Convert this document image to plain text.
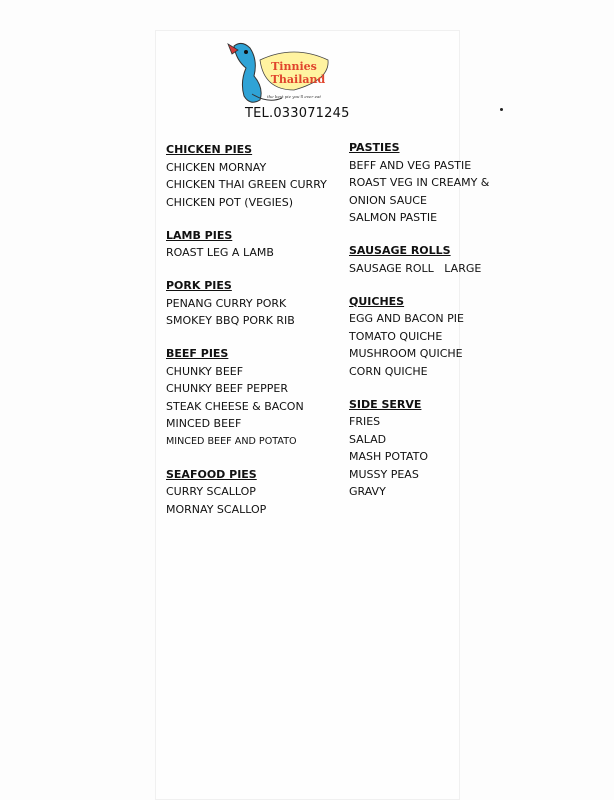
Tinnies
Thailand
the best pie you'll ever eat
TEL.033071245
CHICKEN PIES
CHICKEN MORNAY
CHICKEN THAI GREEN CURRY
CHICKEN POT (VEGIES)
LAMB PIES
ROAST LEG A LAMB
PORK PIES
PENANG CURRY PORK
SMOKEY BBQ PORK RIB
BEEF PIES
CHUNKY BEEF
CHUNKY BEEF PEPPER
STEAK CHEESE & BACON
MINCED BEEF
MINCED BEEF AND POTATO
SEAFOOD PIES
CURRY SCALLOP
MORNAY SCALLOP
PASTIES
BEFF AND VEG PASTIE
ROAST VEG IN CREAMY &
ONION SAUCE
SALMON PASTIE
SAUSAGE ROLLS
SAUSAGE ROLL   LARGE
QUICHES
EGG AND BACON PIE
TOMATO QUICHE
MUSHROOM QUICHE
CORN QUICHE
SIDE SERVE
FRIES
SALAD
MASH POTATO
MUSSY PEAS
GRAVY
